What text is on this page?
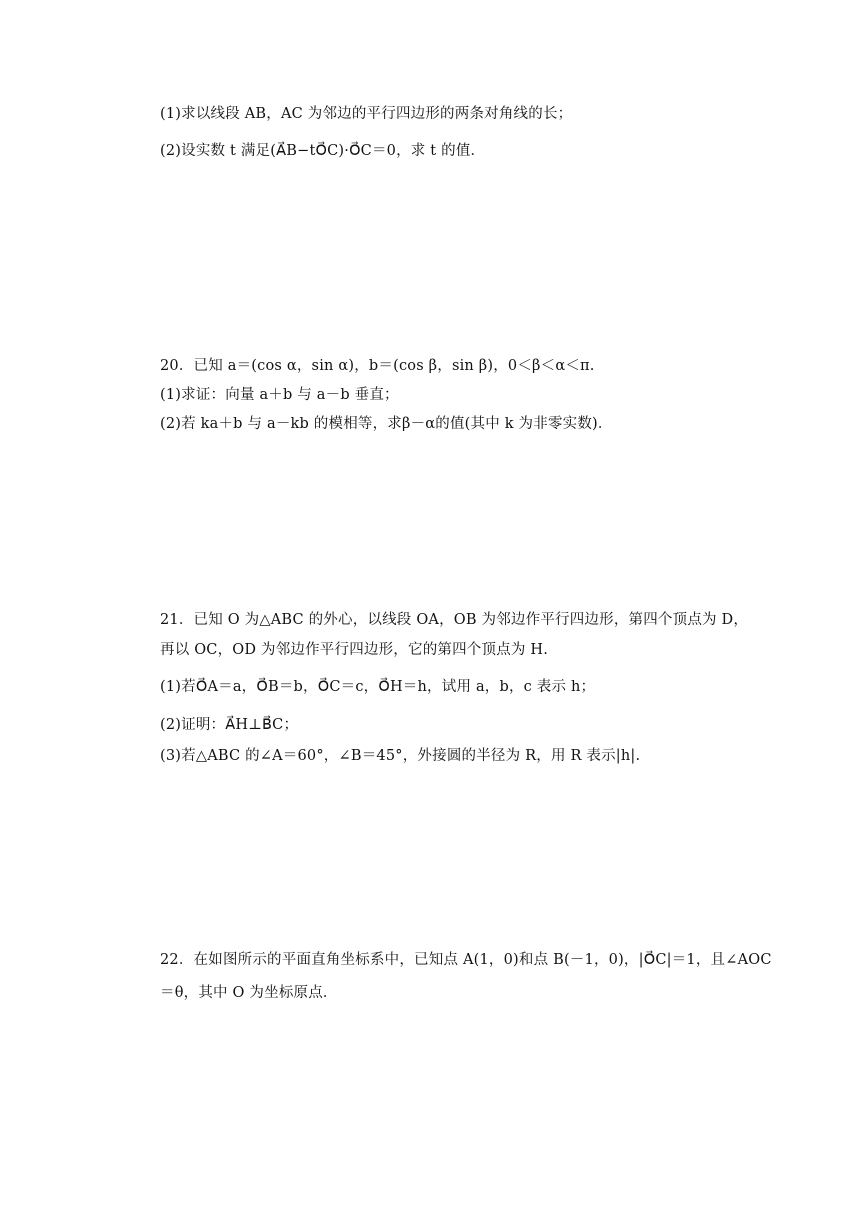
(1)求以线段 AB，AC 为邻边的平行四边形的两条对角线的长；
(2)设实数 t 满足(A⃗B−tO⃗C)·O⃗C＝0，求 t 的值．
20．已知 a＝(cos α，sin α)，b＝(cos β，sin β)，0＜β＜α＜π.
(1)求证：向量 a＋b 与 a－b 垂直；
(2)若 ka＋b 与 a－kb 的模相等，求β－α的值(其中 k 为非零实数)．
21．已知 O 为△ABC 的外心，以线段 OA，OB 为邻边作平行四边形，第四个顶点为 D，
再以 OC，OD 为邻边作平行四边形，它的第四个顶点为 H.
(1)若O⃗A＝a，O⃗B＝b，O⃗C＝c，O⃗H＝h，试用 a，b，c 表示 h；
(2)证明：A⃗H⊥B⃗C；
(3)若△ABC 的∠A＝60°，∠B＝45°，外接圆的半径为 R，用 R 表示|h|.
22．在如图所示的平面直角坐标系中，已知点 A(1，0)和点 B(－1，0)，|O⃗C|＝1，且∠AOC
＝θ，其中 O 为坐标原点．
